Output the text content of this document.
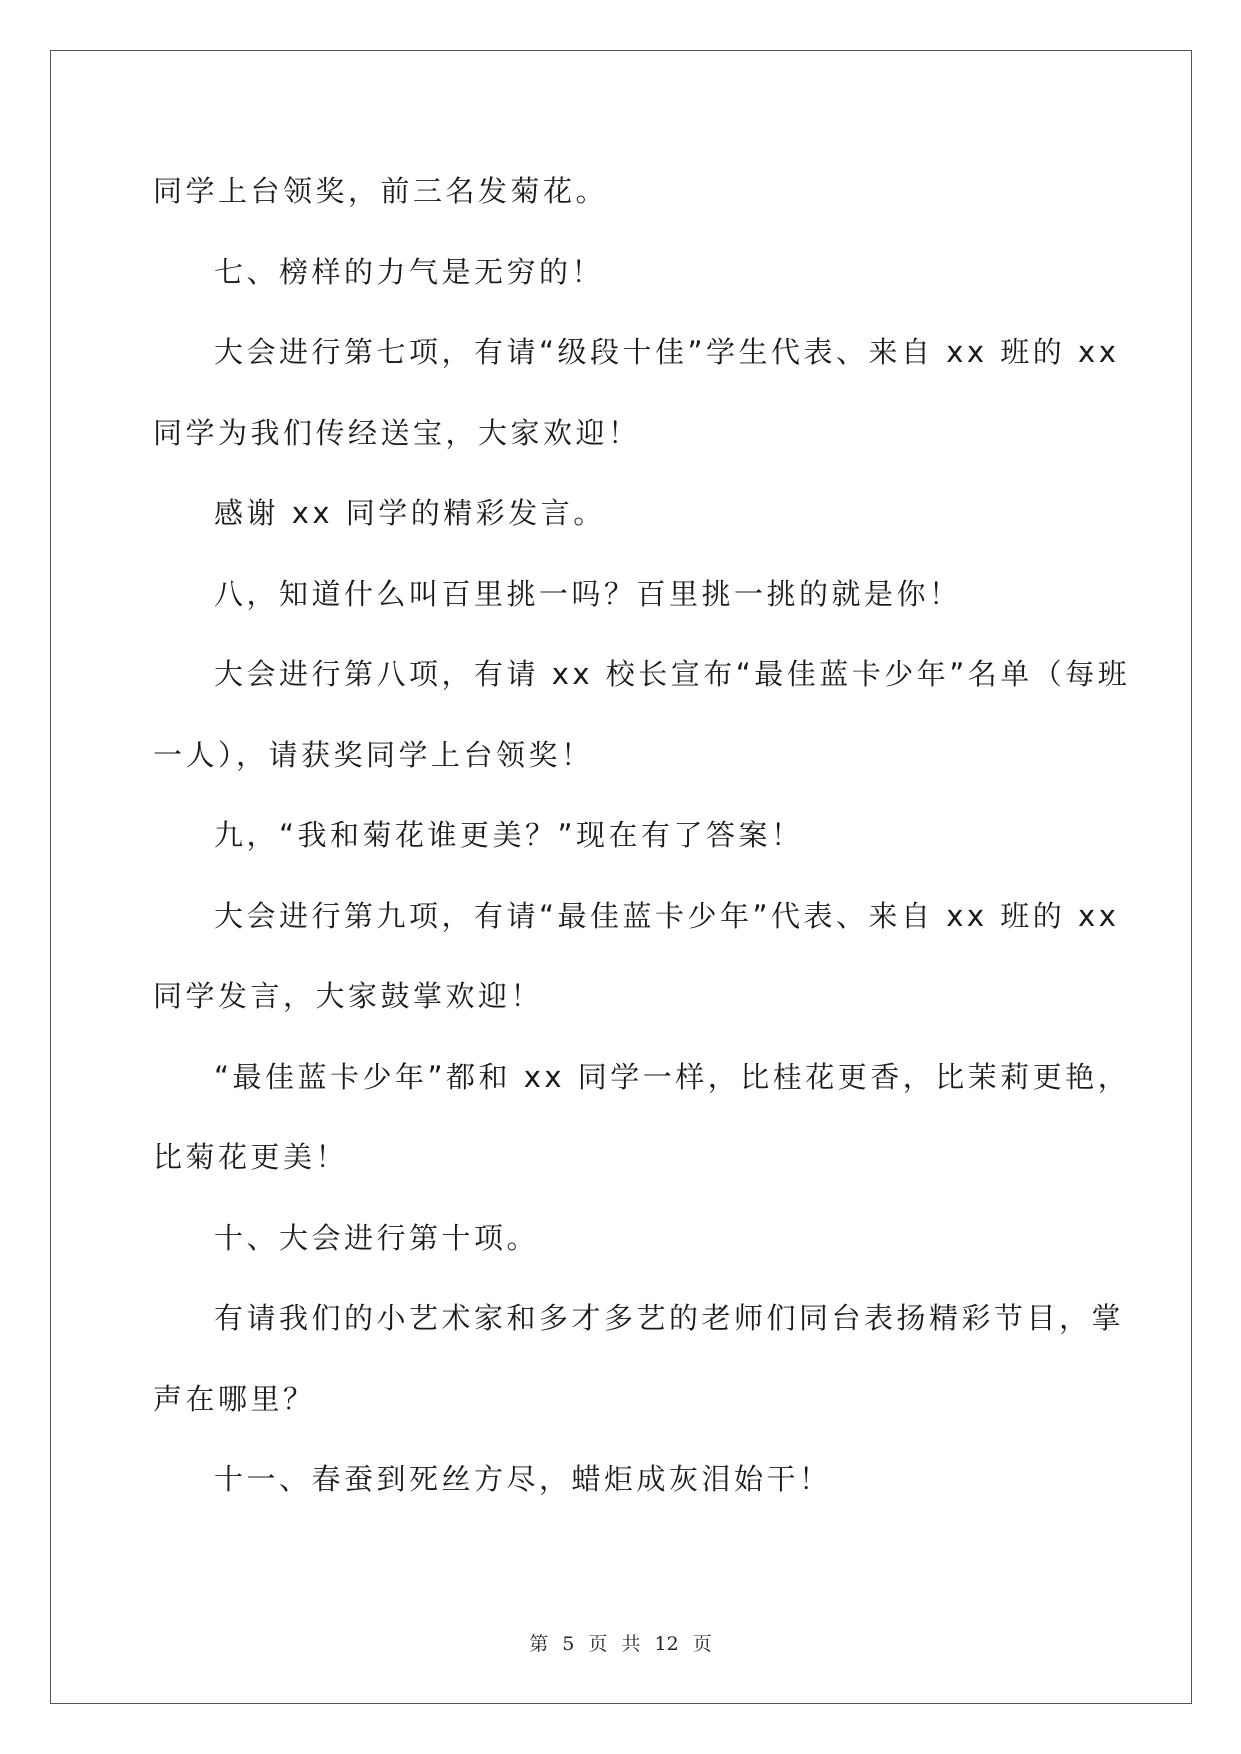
同学上台领奖，前三名发菊花。

七、榜样的力气是无穷的！

大会进行第七项，有请“级段十佳”学生代表、来自 xx 班的 xx

同学为我们传经送宝，大家欢迎！

感谢 xx 同学的精彩发言。

八，知道什么叫百里挑一吗？百里挑一挑的就是你！

大会进行第八项，有请 xx 校长宣布“最佳蓝卡少年”名单（每班

一人），请获奖同学上台领奖！

九，“我和菊花谁更美？”现在有了答案！

大会进行第九项，有请“最佳蓝卡少年”代表、来自 xx 班的 xx

同学发言，大家鼓掌欢迎！

“最佳蓝卡少年”都和 xx 同学一样，比桂花更香，比茉莉更艳，

比菊花更美！

十、大会进行第十项。

有请我们的小艺术家和多才多艺的老师们同台表扬精彩节目，掌

声在哪里？

十一、春蚕到死丝方尽，蜡炬成灰泪始干！

第 5 页 共 12 页
